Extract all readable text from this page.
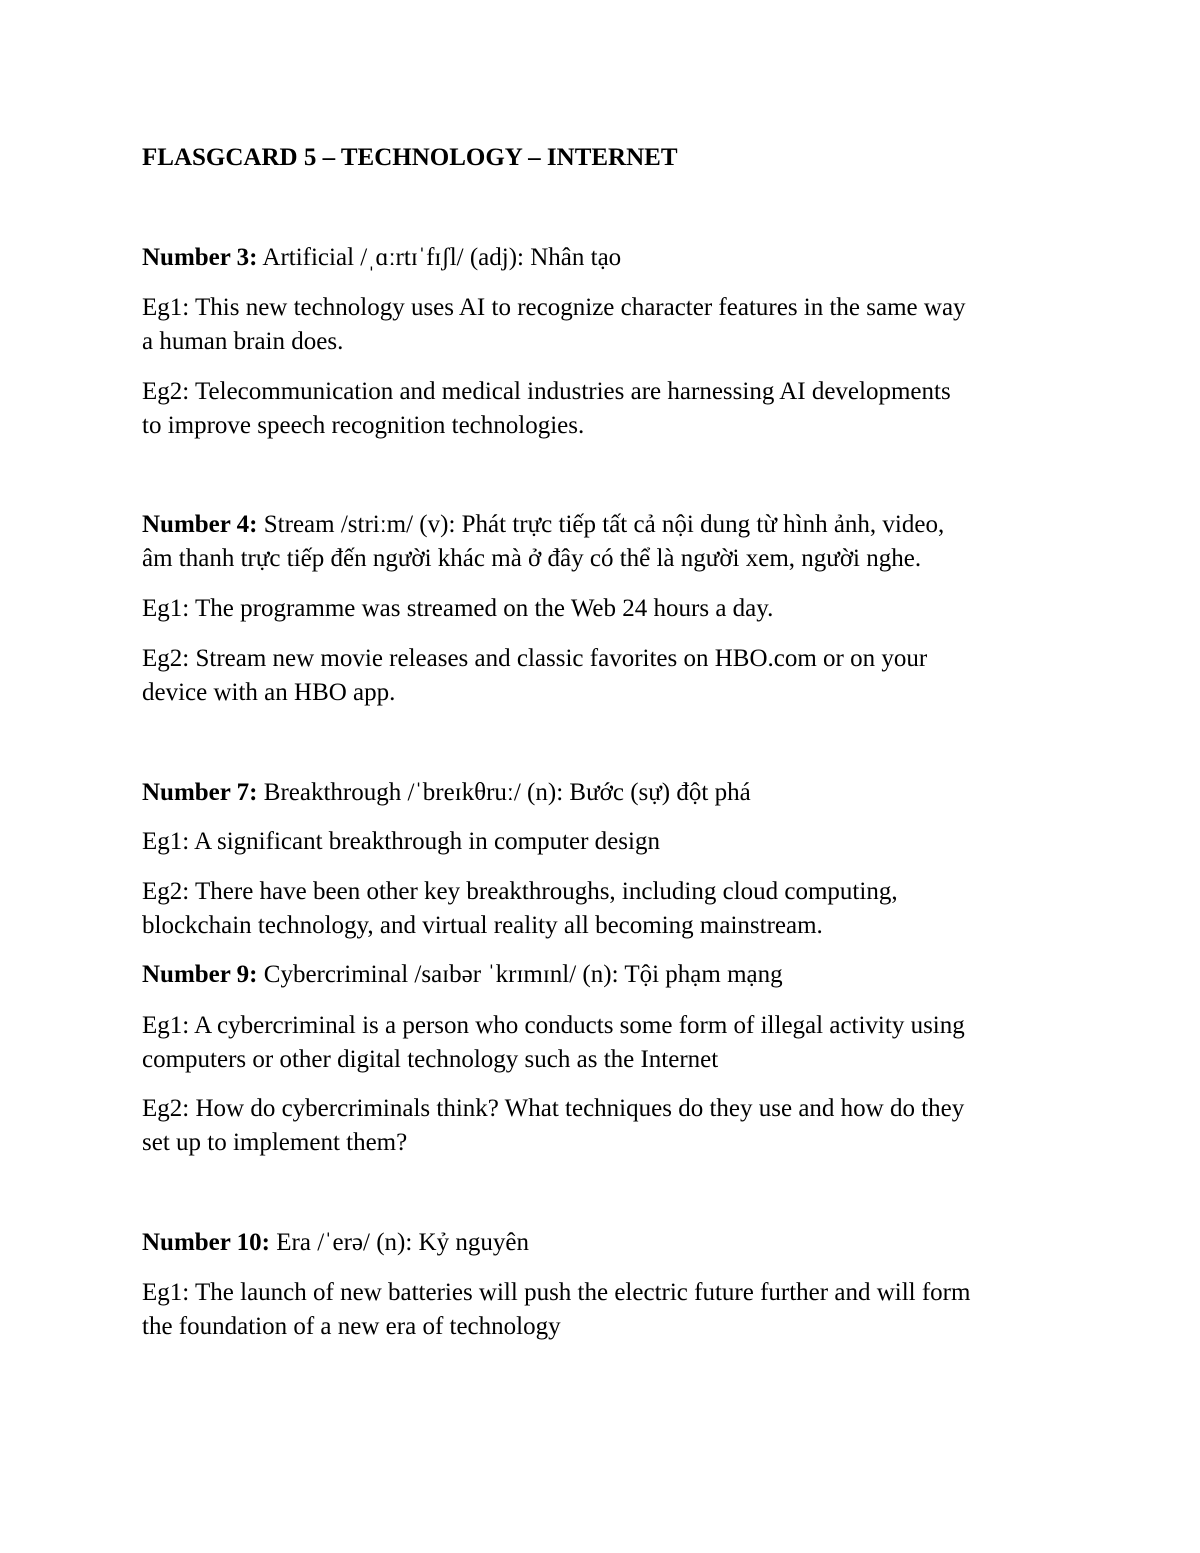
FLASGCARD 5 – TECHNOLOGY – INTERNET
Number 3: Artificial /ˌɑːrtɪˈfɪʃl/ (adj): Nhân tạo
Eg1: This new technology uses AI to recognize character features in the same way
a human brain does.
Eg2: Telecommunication and medical industries are harnessing AI developments
to improve speech recognition technologies.
Number 4: Stream /striːm/ (v): Phát trực tiếp tất cả nội dung từ hình ảnh, video,
âm thanh trực tiếp đến người khác mà ở đây có thể là người xem, người nghe.
Eg1: The programme was streamed on the Web 24 hours a day.
Eg2: Stream new movie releases and classic favorites on HBO.com or on your
device with an HBO app.
Number 7: Breakthrough /ˈbreɪkθruː/ (n): Bước (sự) đột phá
Eg1: A significant breakthrough in computer design
Eg2: There have been other key breakthroughs, including cloud computing,
blockchain technology, and virtual reality all becoming mainstream.
Number 9: Cybercriminal /saɪbər ˈkrɪmɪnl/ (n): Tội phạm mạng
Eg1: A cybercriminal is a person who conducts some form of illegal activity using
computers or other digital technology such as the Internet
Eg2: How do cybercriminals think? What techniques do they use and how do they
set up to implement them?
Number 10: Era /ˈerə/ (n): Kỷ nguyên
Eg1: The launch of new batteries will push the electric future further and will form
the foundation of a new era of technology
